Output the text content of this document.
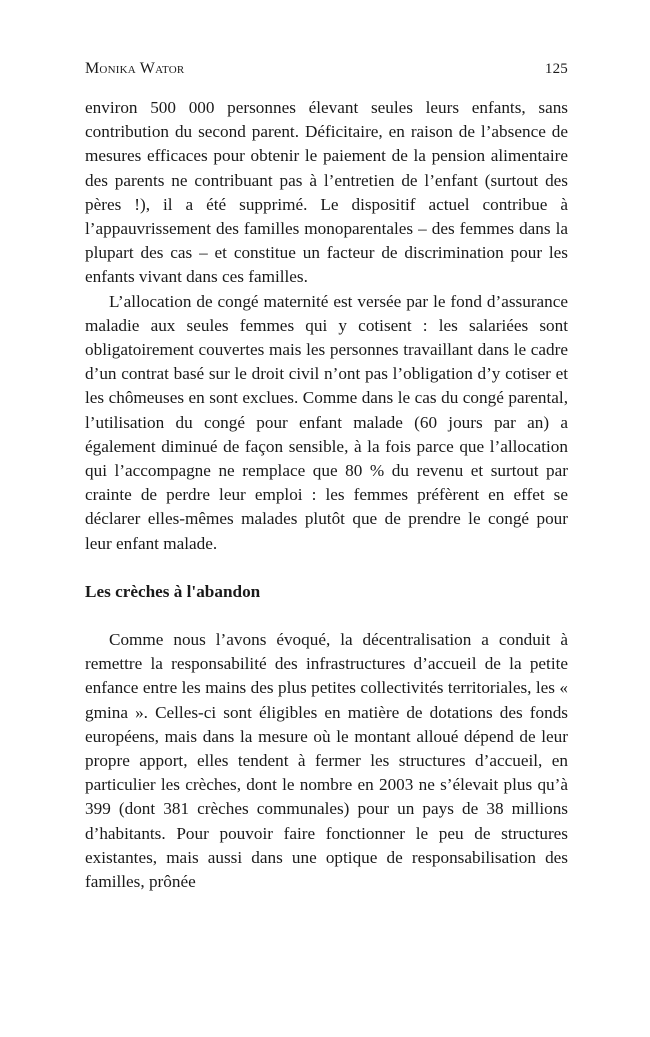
Monika Wator	125

environ 500 000 personnes élevant seules leurs enfants, sans contribution du second parent. Déficitaire, en raison de l’absence de mesures efficaces pour obtenir le paiement de la pension alimentaire des parents ne contribuant pas à l’entretien de l’enfant (surtout des pères !), il a été supprimé. Le dispositif actuel contribue à l’appauvrissement des familles monoparentales – des femmes dans la plupart des cas – et constitue un facteur de discrimination pour les enfants vivant dans ces familles.

L’allocation de congé maternité est versée par le fond d’assurance maladie aux seules femmes qui y cotisent : les salariées sont obligatoirement couvertes mais les personnes travaillant dans le cadre d’un contrat basé sur le droit civil n’ont pas l’obligation d’y cotiser et les chômeuses en sont exclues. Comme dans le cas du congé parental, l’utilisation du congé pour enfant malade (60 jours par an) a également diminué de façon sensible, à la fois parce que l’allocation qui l’accompagne ne remplace que 80 % du revenu et surtout par crainte de perdre leur emploi : les femmes préfèrent en effet se déclarer elles-mêmes malades plutôt que de prendre le congé pour leur enfant malade.

Les crèches à l'abandon

Comme nous l’avons évoqué, la décentralisation a conduit à remettre la responsabilité des infrastructures d’accueil de la petite enfance entre les mains des plus petites collectivités territoriales, les « gmina ». Celles-ci sont éligibles en matière de dotations des fonds européens, mais dans la mesure où le montant alloué dépend de leur propre apport, elles tendent à fermer les structures d’accueil, en particulier les crèches, dont le nombre en 2003 ne s’élevait plus qu’à 399 (dont 381 crèches communales) pour un pays de 38 millions d’habitants. Pour pouvoir faire fonctionner le peu de structures existantes, mais aussi dans une optique de responsabilisation des familles, prônée
